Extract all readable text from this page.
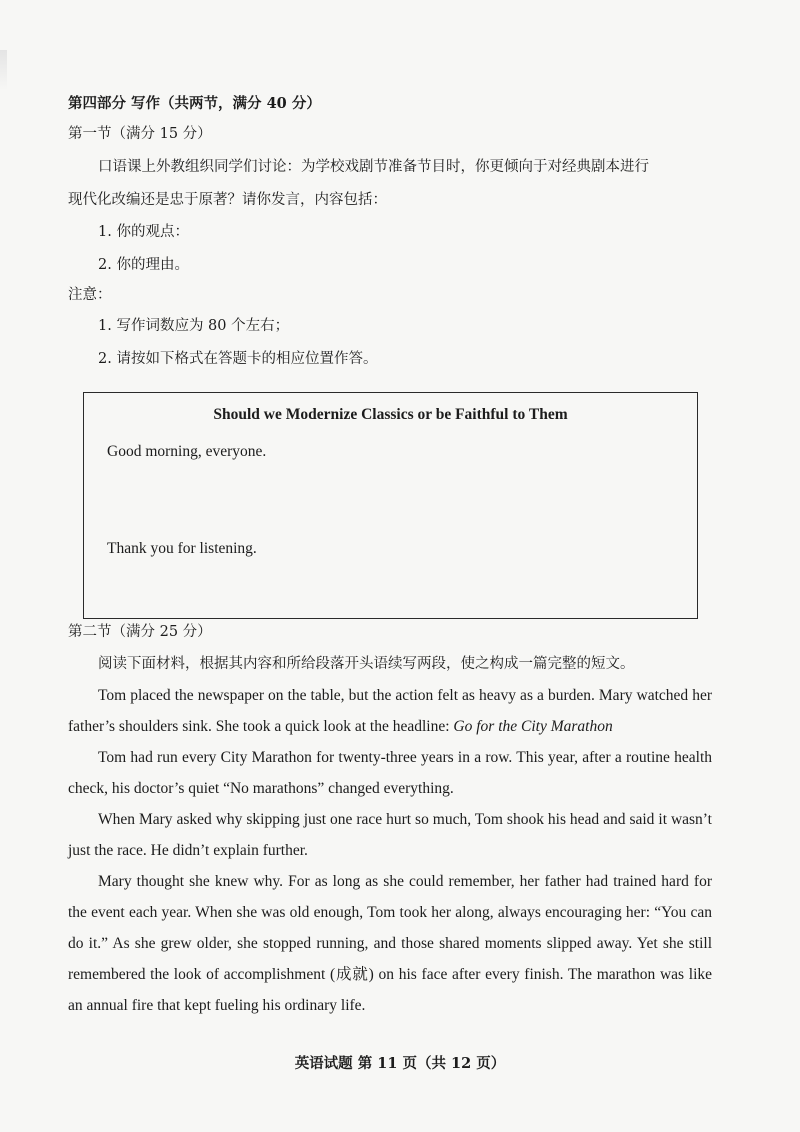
第四部分 写作（共两节，满分 40 分）
第一节（满分 15 分）
口语课上外教组织同学们讨论：为学校戏剧节准备节目时，你更倾向于对经典剧本进行
现代化改编还是忠于原著？请你发言，内容包括：
1. 你的观点：
2. 你的理由。
注意：
1. 写作词数应为 80 个左右；
2. 请按如下格式在答题卡的相应位置作答。
Should we Modernize Classics or be Faithful to Them
Good morning, everyone.
Thank you for listening.
第二节（满分 25 分）
阅读下面材料，根据其内容和所给段落开头语续写两段，使之构成一篇完整的短文。

Tom placed the newspaper on the table, but the action felt as heavy as a burden. Mary watched her father’s shoulders sink. She took a quick look at the headline: Go for the City Marathon

Tom had run every City Marathon for twenty-three years in a row. This year, after a routine health check, his doctor’s quiet “No marathons” changed everything.

When Mary asked why skipping just one race hurt so much, Tom shook his head and said it wasn’t just the race. He didn’t explain further.

Mary thought she knew why. For as long as she could remember, her father had trained hard for the event each year. When she was old enough, Tom took her along, always encouraging her: “You can do it.” As she grew older, she stopped running, and those shared moments slipped away. Yet she still remembered the look of accomplishment (成就) on his face after every finish. The marathon was like an annual fire that kept fueling his ordinary life.

英语试题 第 11 页（共 12 页）
